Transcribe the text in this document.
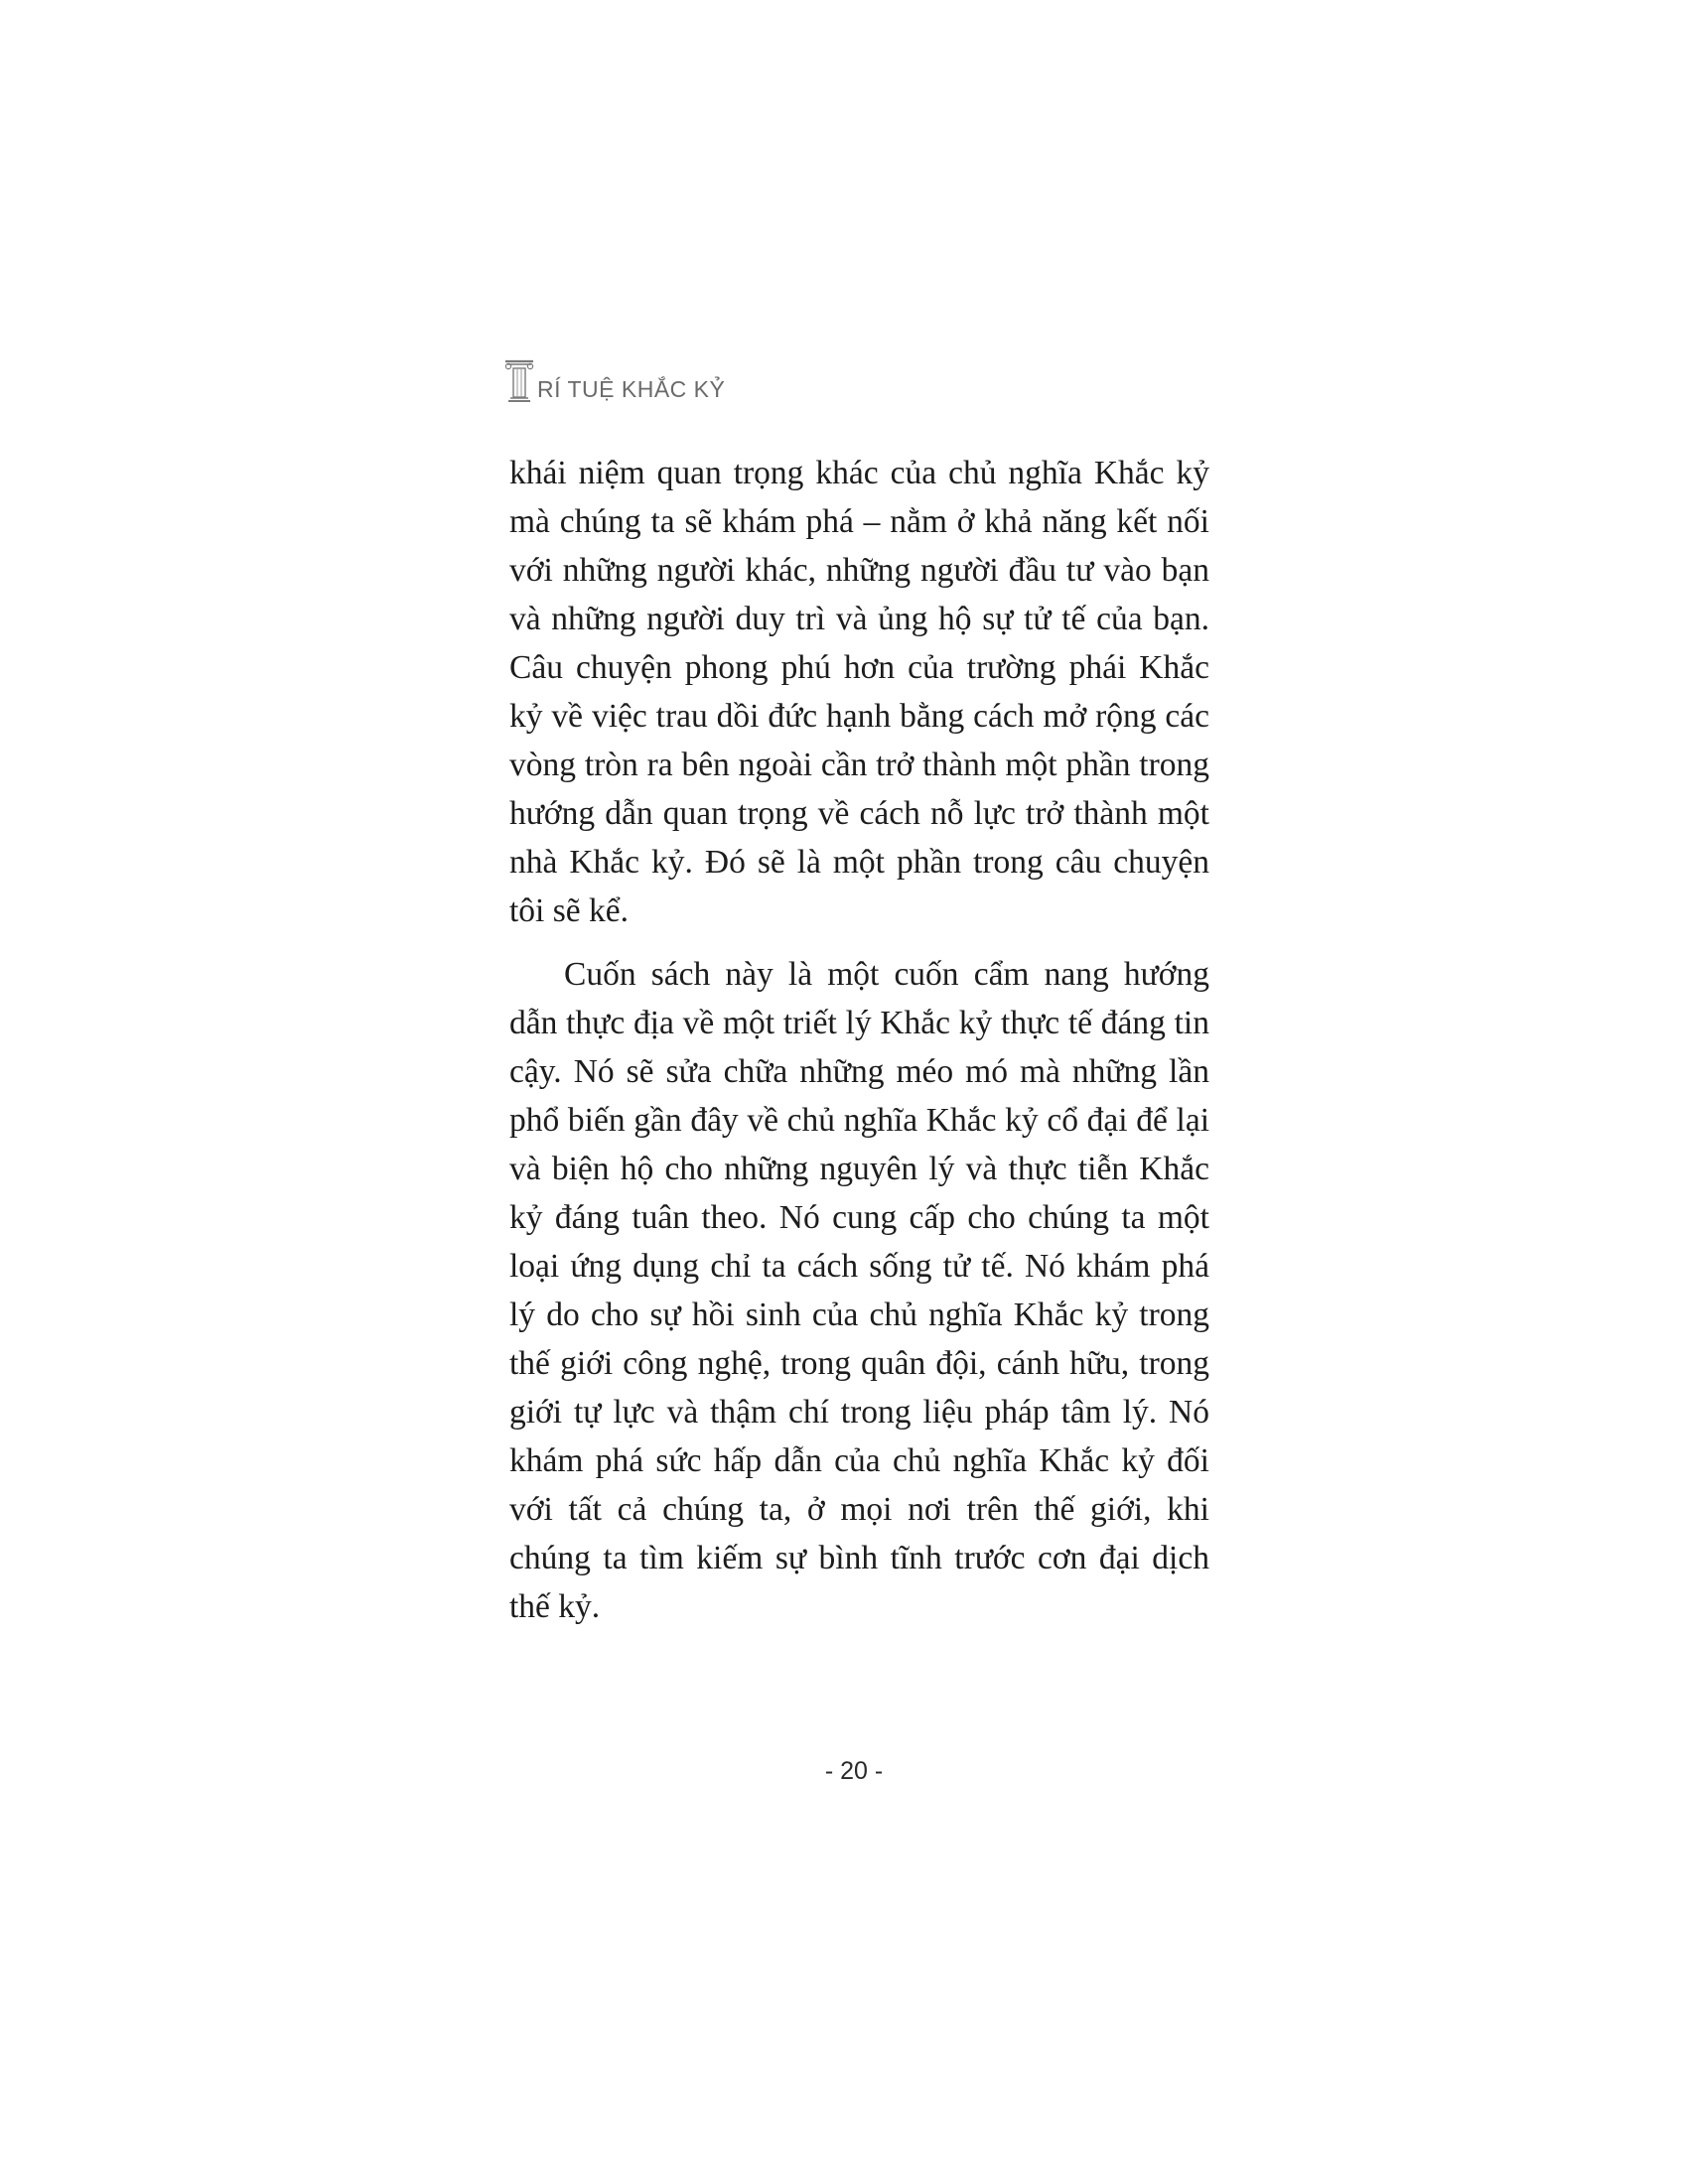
RÍ TUỆ KHẮC KỶ

khái niệm quan trọng khác của chủ nghĩa Khắc kỷ mà chúng ta sẽ khám phá – nằm ở khả năng kết nối với những người khác, những người đầu tư vào bạn và những người duy trì và ủng hộ sự tử tế của bạn. Câu chuyện phong phú hơn của trường phái Khắc kỷ về việc trau dồi đức hạnh bằng cách mở rộng các vòng tròn ra bên ngoài cần trở thành một phần trong hướng dẫn quan trọng về cách nỗ lực trở thành một nhà Khắc kỷ. Đó sẽ là một phần trong câu chuyện tôi sẽ kể.

Cuốn sách này là một cuốn cẩm nang hướng dẫn thực địa về một triết lý Khắc kỷ thực tế đáng tin cậy. Nó sẽ sửa chữa những méo mó mà những lần phổ biến gần đây về chủ nghĩa Khắc kỷ cổ đại để lại và biện hộ cho những nguyên lý và thực tiễn Khắc kỷ đáng tuân theo. Nó cung cấp cho chúng ta một loại ứng dụng chỉ ta cách sống tử tế. Nó khám phá lý do cho sự hồi sinh của chủ nghĩa Khắc kỷ trong thế giới công nghệ, trong quân đội, cánh hữu, trong giới tự lực và thậm chí trong liệu pháp tâm lý. Nó khám phá sức hấp dẫn của chủ nghĩa Khắc kỷ đối với tất cả chúng ta, ở mọi nơi trên thế giới, khi chúng ta tìm kiếm sự bình tĩnh trước cơn đại dịch thế kỷ.

- 20 -
